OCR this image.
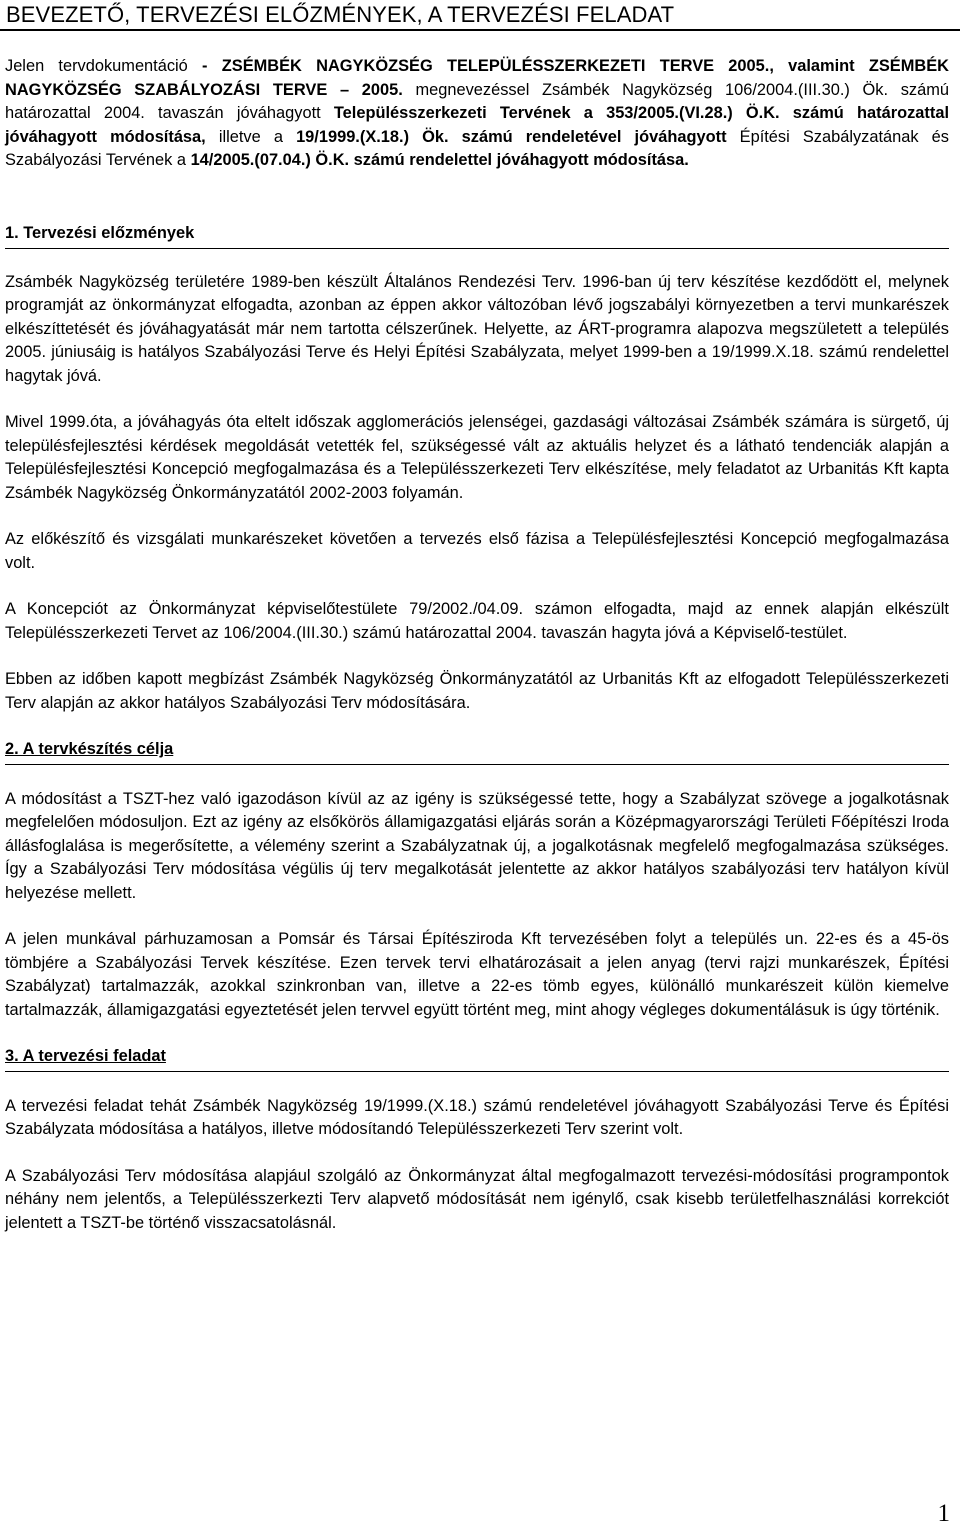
BEVEZETŐ, TERVEZÉSI ELŐZMÉNYEK, A TERVEZÉSI FELADAT

Jelen tervdokumentáció - ZSÉMBÉK NAGYKÖZSÉG TELEPÜLÉSSZERKEZETI TERVE 2005., valamint ZSÉMBÉK NAGYKÖZSÉG SZABÁLYOZÁSI TERVE – 2005. megnevezéssel Zsámbék Nagyközség 106/2004.(III.30.) Ök. számú határozattal 2004. tavaszán jóváhagyott Településszerkezeti Tervének a 353/2005.(VI.28.) Ö.K. számú határozattal jóváhagyott módosítása, illetve a 19/1999.(X.18.) Ök. számú rendeletével jóváhagyott Építési Szabályzatának és Szabályozási Tervének a 14/2005.(07.04.) Ö.K. számú rendelettel jóváhagyott módosítása.

1. Tervezési előzmények

Zsámbék Nagyközség területére 1989-ben készült Általános Rendezési Terv. 1996-ban új terv készítése kezdődött el, melynek programját az önkormányzat elfogadta, azonban az éppen akkor változóban lévő jogszabályi környezetben a tervi munkarészek elkészíttetését és jóváhagyatását már nem tartotta célszerűnek. Helyette, az ÁRT-programra alapozva megszületett a település 2005. júniusáig is hatályos Szabályozási Terve és Helyi Építési Szabályzata, melyet 1999-ben a 19/1999.X.18. számú rendelettel hagytak jóvá.

Mivel 1999.óta, a jóváhagyás óta eltelt időszak agglomerációs jelenségei, gazdasági változásai Zsámbék számára is sürgető, új településfejlesztési kérdések megoldását vetették fel, szükségessé vált az aktuális helyzet és a látható tendenciák alapján a Településfejlesztési Koncepció megfogalmazása és a Településszerkezeti Terv elkészítése, mely feladatot az Urbanitás Kft kapta Zsámbék Nagyközség Önkormányzatától 2002-2003 folyamán.

Az előkészítő és vizsgálati munkarészeket követően a tervezés első fázisa a Településfejlesztési Koncepció megfogalmazása volt.

A Koncepciót az Önkormányzat képviselőtestülete 79/2002./04.09. számon elfogadta, majd az ennek alapján elkészült Településszerkezeti Tervet az 106/2004.(III.30.) számú határozattal 2004. tavaszán hagyta jóvá a Képviselő-testület.

Ebben az időben kapott megbízást Zsámbék Nagyközség Önkormányzatától az Urbanitás Kft az elfogadott Településszerkezeti Terv alapján az akkor hatályos Szabályozási Terv módosítására.

2. A tervkészítés célja

A módosítást a TSZT-hez való igazodáson kívül az az igény is szükségessé tette, hogy a Szabályzat szövege a jogalkotásnak megfelelően módosuljon. Ezt az igény az elsőkörös államigazgatási eljárás során a Középmagyarországi Területi Főépítészi Iroda állásfoglalása is megerősítette, a vélemény szerint a Szabályzatnak új, a jogalkotásnak megfelelő megfogalmazása szükséges. Így a Szabályozási Terv módosítása végülis új terv megalkotását jelentette az akkor hatályos szabályozási terv hatályon kívül helyezése mellett.

A jelen munkával párhuzamosan a Pomsár és Társai Építésziroda Kft tervezésében folyt a település un. 22-es és a 45-ös tömbjére a Szabályozási Tervek készítése. Ezen tervek tervi elhatározásait a jelen anyag (tervi rajzi munkarészek, Építési Szabályzat) tartalmazzák, azokkal szinkronban van, illetve a 22-es tömb egyes, különálló munkarészeit külön kiemelve tartalmazzák, államigazgatási egyeztetését jelen tervvel együtt történt meg, mint ahogy végleges dokumentálásuk is úgy történik.

3. A tervezési feladat

A tervezési feladat tehát Zsámbék Nagyközség 19/1999.(X.18.) számú rendeletével jóváhagyott Szabályozási Terve és Építési Szabályzata módosítása a hatályos, illetve módosítandó Településszerkezeti Terv szerint volt.

A Szabályozási Terv módosítása alapjául szolgáló az Önkormányzat által megfogalmazott tervezési-módosítási programpontok néhány nem jelentős, a Településszerkezti Terv alapvető módosítását nem igénylő, csak kisebb területfelhasználási korrekciót jelentett a TSZT-be történő visszacsatolásnál.

1
